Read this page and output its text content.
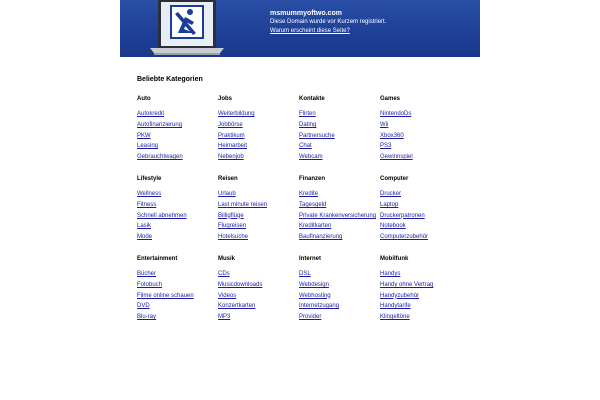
msmummyoftwo.com
Diese Domain wurde vor Kurzem registriert.
Warum erscheint diese Seite?
Beliebte Kategorien
Auto
Autokredit
Autofinanzierung
PKW
Leasing
Gebrauchtwagen
Jobs
Weiterbildung
Jobbörse
Praktikum
Heimarbeit
Nebenjob
Kontakte
Flirten
Dating
Partnersuche
Chat
Webcam
Games
NintendoDs
Wii
Xbox360
PS3
Gewinnspiel
Lifestyle
Wellness
Fitness
Schnell abnehmen
Lasik
Mode
Reisen
Urlaub
Last minute reisen
Billigflüge
Flugreisen
Hotelsuche
Finanzen
Kredite
Tagesgeld
Private Krankenversicherung
Kreditkarten
Baufinanzierung
Computer
Drucker
Laptop
Druckerpatronen
Notebook
Computerzubehör
Entertainment
Bücher
Fotobuch
Filme online schauen
DVD
Blu-ray
Musik
CDs
Musicdownloads
Videos
Konzertkarten
MP3
Internet
DSL
Webdesign
Webhosting
Internetzugang
Provider
Mobilfunk
Handys
Handy ohne Vertrag
Handyzubehör
Handytarife
Klingeltöne
